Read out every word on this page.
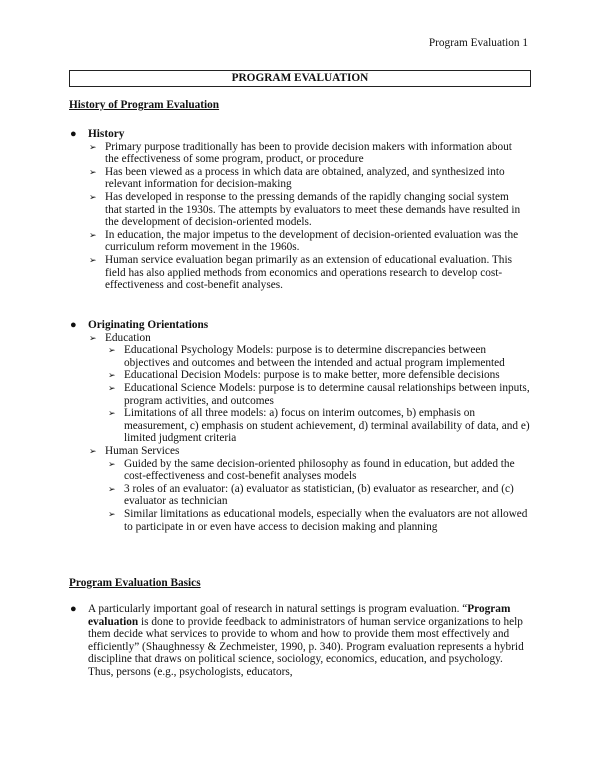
Program Evaluation 1
PROGRAM EVALUATION
History of Program Evaluation

● History

➢ Primary purpose traditionally has been to provide decision makers with information about the effectiveness of some program, product, or procedure

➢ Has been viewed as a process in which data are obtained, analyzed, and synthesized into relevant information for decision-making

➢ Has developed in response to the pressing demands of the rapidly changing social system that started in the 1930s. The attempts by evaluators to meet these demands have resulted in the development of decision-oriented models.

➢ In education, the major impetus to the development of decision-oriented evaluation was the curriculum reform movement in the 1960s.

➢ Human service evaluation began primarily as an extension of educational evaluation. This field has also applied methods from economics and operations research to develop cost-effectiveness and cost-benefit analyses.

● Originating Orientations

➢ Education

➢ Educational Psychology Models: purpose is to determine discrepancies between objectives and outcomes and between the intended and actual program implemented

➢ Educational Decision Models: purpose is to make better, more defensible decisions

➢ Educational Science Models: purpose is to determine causal relationships between inputs, program activities, and outcomes

➢ Limitations of all three models: a) focus on interim outcomes, b) emphasis on measurement, c) emphasis on student achievement, d) terminal availability of data, and e) limited judgment criteria

➢ Human Services

➢ Guided by the same decision-oriented philosophy as found in education, but added the cost-effectiveness and cost-benefit analyses models

➢ 3 roles of an evaluator: (a) evaluator as statistician, (b) evaluator as researcher, and (c) evaluator as technician

➢ Similar limitations as educational models, especially when the evaluators are not allowed to participate in or even have access to decision making and planning

Program Evaluation Basics

● A particularly important goal of research in natural settings is program evaluation. “Program evaluation is done to provide feedback to administrators of human service organizations to help them decide what services to provide to whom and how to provide them most effectively and efficiently” (Shaughnessy & Zechmeister, 1990, p. 340). Program evaluation represents a hybrid discipline that draws on political science, sociology, economics, education, and psychology. Thus, persons (e.g., psychologists, educators,
